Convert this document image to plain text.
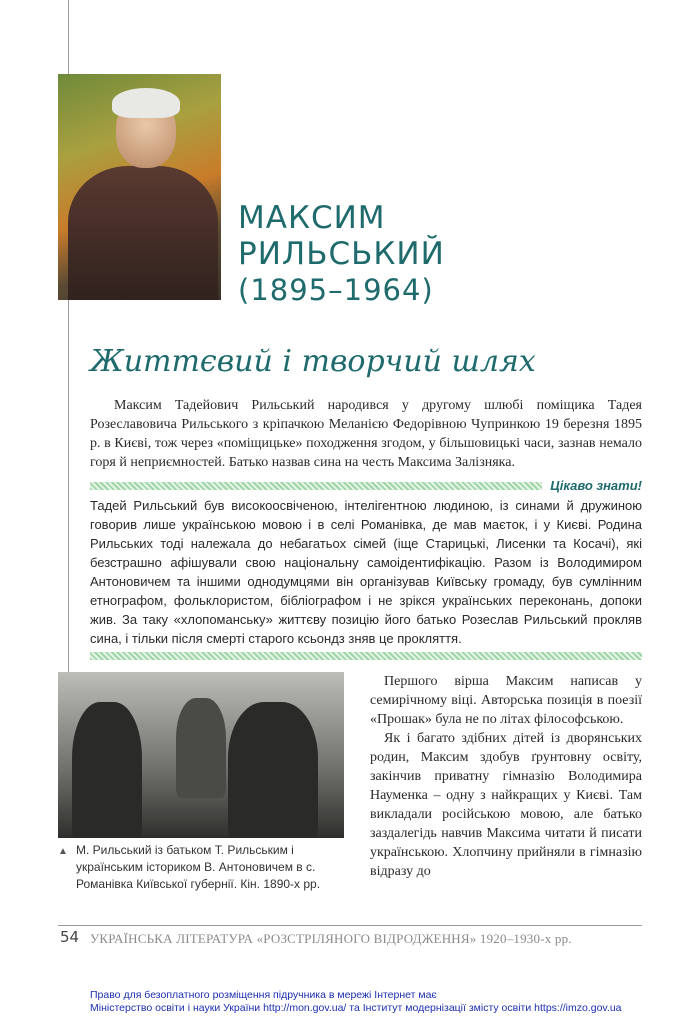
МАКСИМ
РИЛЬСЬКИЙ
(1895–1964)
Життєвий і творчий шлях

Максим Тадейович Рильський народився у другому шлюбі поміщика Тадея Розеславовича Рильського з кріпачкою Меланією Федорівною Чупринкою 19 березня 1895 р. в Києві, тож через «поміщицьке» походження згодом, у більшовицькі часи, зазнав немало горя й неприємностей. Батько назвав сина на честь Максима Залізняка.

Цікаво знати!

Тадей Рильський був високоосвіченою, інтелігентною людиною, із синами й дружиною говорив лише українською мовою і в селі Романівка, де мав маєток, і у Києві. Родина Рильських тоді належала до небагатьох сімей (іще Старицькі, Лисенки та Косачі), які безстрашно афішували свою національну самоідентифікацію. Разом із Володимиром Антоновичем та іншими однодумцями він організував Київську громаду, був сумлінним етнографом, фольклористом, бібліографом і не зрікся українських переконань, допоки жив. За таку «хлопоманську» життєву позицію його батько Розеслав Рильський прокляв сина, і тільки після смерті старого ксьондз зняв це прокляття.

▲ М. Рильський із батьком Т. Рильським і українським істориком В. Антоновичем в с. Романівка Київської губернії. Кін. 1890-х рр.

Першого вірша Максим написав у семирічному віці. Авторська позиція в поезії «Прошак» була не по літах філософською.

Як і багато здібних дітей із дворянських родин, Максим здобув ґрунтовну освіту, закінчив приватну гімназію Володимира Науменка – одну з найкращих у Києві. Там викладали російською мовою, але батько заздалегідь навчив Максима читати й писати українською. Хлопчину прийняли в гімназію відразу до

54 УКРАЇНСЬКА ЛІТЕРАТУРА «РОЗСТРІЛЯНОГО ВІДРОДЖЕННЯ» 1920–1930-х рр.
Право для безоплатного розміщення підручника в мережі Інтернет має
Міністерство освіти і науки України http://mon.gov.ua/ та Інститут модернізації змісту освіти https://imzo.gov.ua
